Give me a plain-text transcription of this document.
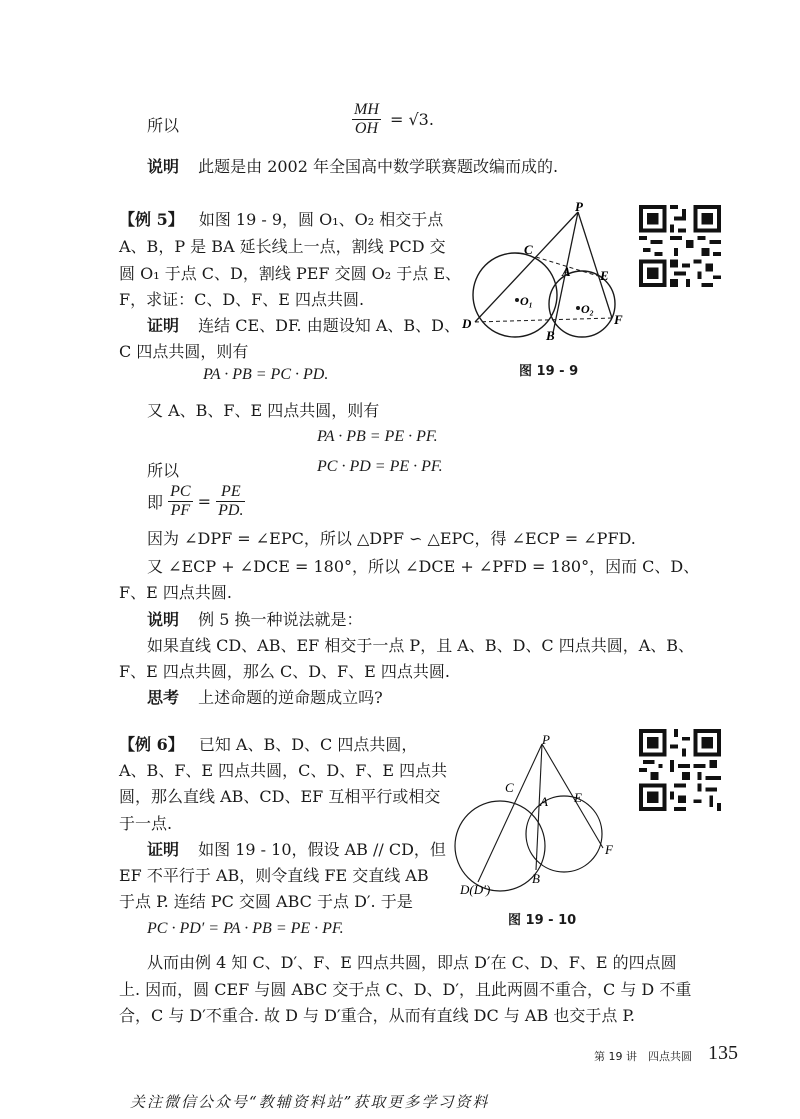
所以	$\frac{MH}{OH} = √3$.
说明 此题是由 2002 年全国高中数学联赛题改编而成的.
【例 5】 如图 19 - 9，圆 O₁、O₂ 相交于点
A、B，P 是 BA 延长线上一点，割线 PCD 交
圆 O₁ 于点 C、D，割线 PEF 交圆 O₂ 于点 E、
F，求证：C、D、F、E 四点共圆.
证明 连结 CE、DF. 由题设知 A、B、D、
C 四点共圆，则有
PA · PB = PC · PD.
又 A、B、F、E 四点共圆，则有
PA · PB = PE · PF.
所以	PC · PD = PE · PF.
即 $\frac{PC}{PF} = \frac{PE}{PD.}$
因为 ∠DPF = ∠EPC，所以 △DPF ∽ △EPC，得 ∠ECP = ∠PFD.
又 ∠ECP + ∠DCE = 180°，所以 ∠DCE + ∠PFD = 180°，因而 C、D、
F、E 四点共圆.
说明 例 5 换一种说法就是：
如果直线 CD、AB、EF 相交于一点 P，且 A、B、D、C 四点共圆，A、B、
F、E 四点共圆，那么 C、D、F、E 四点共圆.
思考 上述命题的逆命题成立吗?
P
C
A E
O₁
O₂
D
B
F
图 19 - 9
【例 6】 已知 A、B、D、C 四点共圆，
A、B、F、E 四点共圆，C、D、F、E 四点共
圆，那么直线 AB、CD、EF 互相平行或相交
于一点.
证明 如图 19 - 10，假设 AB // CD，但
EF 不平行于 AB，则令直线 FE 交直线 AB
于点 P. 连结 PC 交圆 ABC 于点 D′. 于是
PC · PD′ = PA · PB = PE · PF.
从而由例 4 知 C、D′、F、E 四点共圆，即点 D′在 C、D、F、E 的四点圆
上. 因而，圆 CEF 与圆 ABC 交于点 C、D、D′，且此两圆不重合，C 与 D 不重
合，C 与 D′不重合. 故 D 与 D′重合，从而有直线 DC 与 AB 也交于点 P.
P
C
A E
F
D(D′)
B
图 19 - 10
第 19 讲　四点共圆 135
关注微信公众号“教辅资料站”获取更多学习资料
